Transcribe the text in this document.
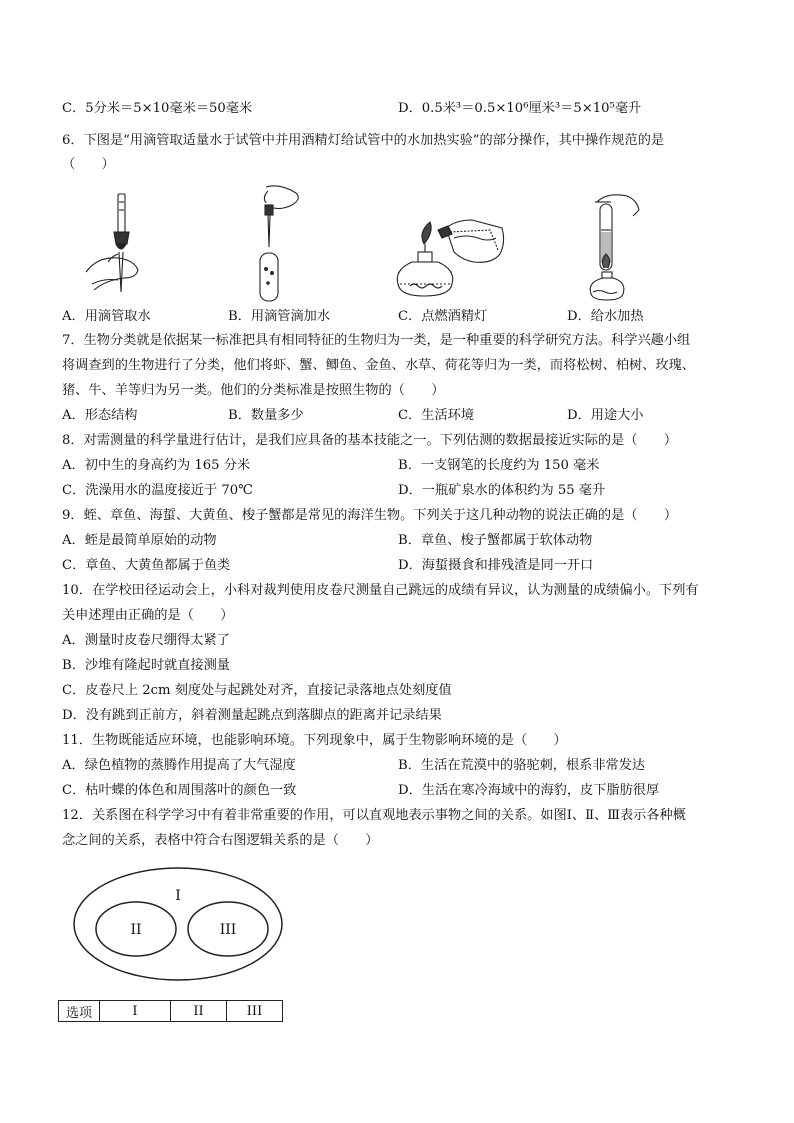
C．5分米＝5×10毫米＝50毫米	D．0.5米³＝0.5×10⁶厘米³＝5×10⁵毫升
6．下图是“用滴管取适量水于试管中并用酒精灯给试管中的水加热实验”的部分操作，其中操作规范的是
（　　）
A．用滴管取水	B．用滴管滴加水	C．点燃酒精灯	D．给水加热
7．生物分类就是依据某一标准把具有相同特征的生物归为一类，是一种重要的科学研究方法。科学兴趣小组
将调查到的生物进行了分类，他们将虾、蟹、鲫鱼、金鱼、水草、荷花等归为一类，而将松树、柏树、玫瑰、
猪、牛、羊等归为另一类。他们的分类标准是按照生物的（　　）
A．形态结构	B．数量多少	C．生活环境	D．用途大小
8．对需测量的科学量进行估计，是我们应具备的基本技能之一。下列估测的数据最接近实际的是（　　）
A．初中生的身高约为 165 分米	B．一支钢笔的长度约为 150 毫米
C．洗澡用水的温度接近于 70℃	D．一瓶矿泉水的体积约为 55 毫升
9．蛭、章鱼、海蜇、大黄鱼、梭子蟹都是常见的海洋生物。下列关于这几种动物的说法正确的是（　　）
A．蛭是最简单原始的动物	B．章鱼、梭子蟹都属于软体动物
C．章鱼、大黄鱼都属于鱼类	D．海蜇摄食和排残渣是同一开口
10．在学校田径运动会上，小科对裁判使用皮卷尺测量自己跳远的成绩有异议，认为测量的成绩偏小。下列有
关申述理由正确的是（　　）
A．测量时皮卷尺绷得太紧了
B．沙堆有隆起时就直接测量
C．皮卷尺上 2cm 刻度处与起跳处对齐，直接记录落地点处刻度值
D．没有跳到正前方，斜着测量起跳点到落脚点的距离并记录结果
11．生物既能适应环境，也能影响环境。下列现象中，属于生物影响环境的是（　　）
A．绿色植物的蒸腾作用提高了大气湿度	B．生活在荒漠中的骆驼刺，根系非常发达
C．枯叶蝶的体色和周围落叶的颜色一致	D．生活在寒冷海域中的海豹，皮下脂肪很厚
12．关系图在科学学习中有着非常重要的作用，可以直观地表示事物之间的关系。如图Ⅰ、Ⅱ、Ⅲ表示各种概
念之间的关系，表格中符合右图逻辑关系的是（　　）
I
II	III
选项	I	II	III
